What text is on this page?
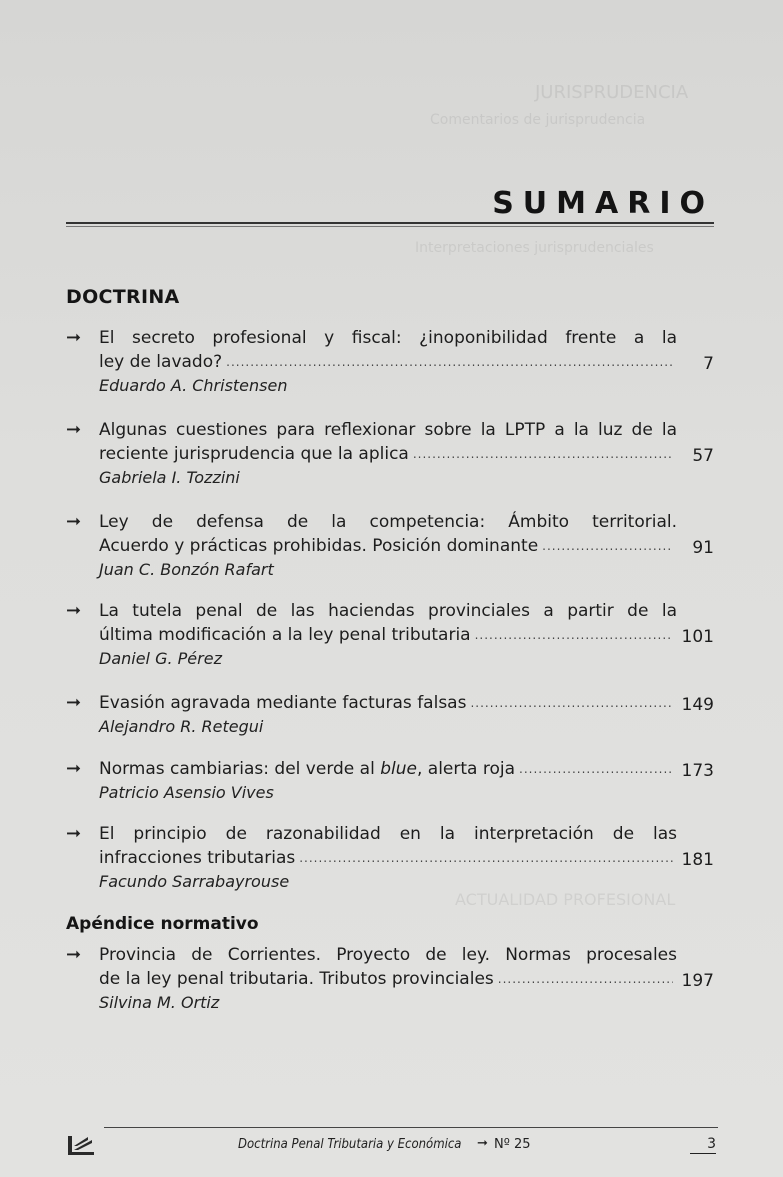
JURISPRUDENCIA
Comentarios de jurisprudencia
Interpretaciones jurisprudenciales
ACTUALIDAD PROFESIONAL
SUMARIO
DOCTRINA
➞ El secreto profesional y fiscal: ¿inoponibilidad frente a la
ley de lavado?
.....
Eduardo A. Christensen
7
➞ Algunas cuestiones para reflexionar sobre la LPTP a la luz de la
reciente jurisprudencia que la aplica
.....
Gabriela I. Tozzini
57
➞ Ley de defensa de la competencia: Ámbito territorial.
Acuerdo y prácticas prohibidas. Posición dominante
.....
Juan C. Bonzón Rafart
91
➞ La tutela penal de las haciendas provinciales a partir de la
última modificación a la ley penal tributaria
.....
Daniel G. Pérez
101
➞ Evasión agravada mediante facturas falsas
.....
Alejandro R. Retegui
149
➞ Normas cambiarias: del verde al blue, alerta roja
.....
Patricio Asensio Vives
173
➞ El principio de razonabilidad en la interpretación de las
infracciones tributarias
.....
Facundo Sarrabayrouse
181
Apéndice normativo
➞ Provincia de Corrientes. Proyecto de ley. Normas procesales
de la ley penal tributaria. Tributos provinciales
.....
Silvina M. Ortiz
197
Doctrina Penal Tributaria y Económica ➞ Nº 25	3
